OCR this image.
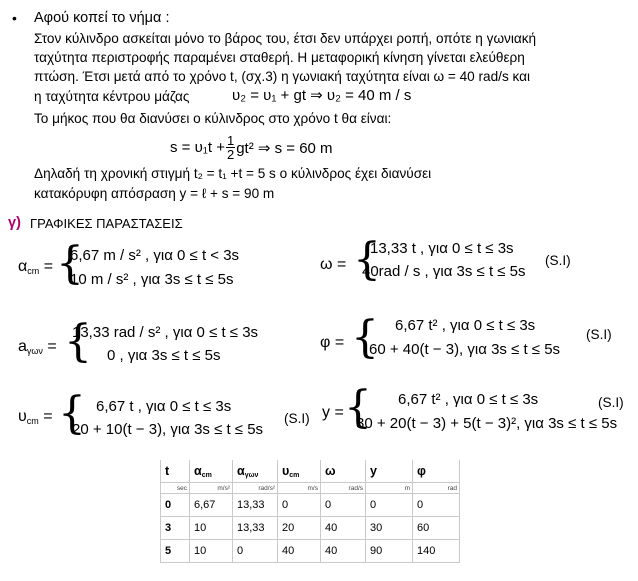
• Αφού κοπεί το νήμα :
Στον κύλινδρο ασκείται μόνο το βάρος του, έτσι δεν υπάρχει ροπή, οπότε η γωνιακή
ταχύτητα περιστροφής παραμένει σταθερή. Η μεταφορική κίνηση γίνεται ελεύθερη
πτώση. Έτσι μετά από το χρόνο t, (σχ.3) η γωνιακή ταχύτητα είναι ω = 40 rad/s και
η ταχύτητα κέντρου μάζας	υ₂ = υ₁ + gt ⇒ υ₂ = 40 m / s
Το μήκος που θα διανύσει ο κύλινδρος στο χρόνο t θα είναι:
$s = \upsilon_1t + \frac{1}{2} gt^2$ ⇒ s = 60 m
Δηλαδή τη χρονική στιγμή t₂ = t₁ +t = 5 s ο κύλινδρος έχει διανύσει
κατακόρυφη απόσραση y = ℓ + s = 90 m
γ) ΓΡΑΦΙΚΕΣ ΠΑΡΑΣΤΑΣΕΙΣ
$\alpha_{cm}$ = {
6,67 m / s² , για 0 ≤ t < 3s
10 m / s² , για 3s ≤ t ≤ 5s
ω = {
13,33 t , για 0 ≤ t ≤ 3s
40rad / s , για 3s ≤ t ≤ 5s
(S.I)
$a_{\gamma\omega\nu}$ = {
13,33 rad / s² , για 0 ≤ t ≤ 3s
0 , για 3s ≤ t ≤ 5s
φ = { 6,67 t² , για 0 ≤ t ≤ 3s
60 + 40(t − 3), για 3s ≤ t ≤ 5s
(S.I)
$\upsilon_{cm}$ = { 6,67 t , για 0 ≤ t ≤ 3s
20 + 10(t − 3), για 3s ≤ t ≤ 5s
(S.I) y = { 6,67 t² , για 0 ≤ t ≤ 3s
30 + 20(t − 3) + 5(t − 3)², για 3s ≤ t ≤ 5s
(S.I)
t	αcm	αγων	υcm	ω	y	φ
sec	m/s²	rad/s²	m/s	rad/s	m	rad
0	6,67	13,33	0	0	0	0
3	10	13,33	20	40	30	60
5	10	0	40	40	90	140
